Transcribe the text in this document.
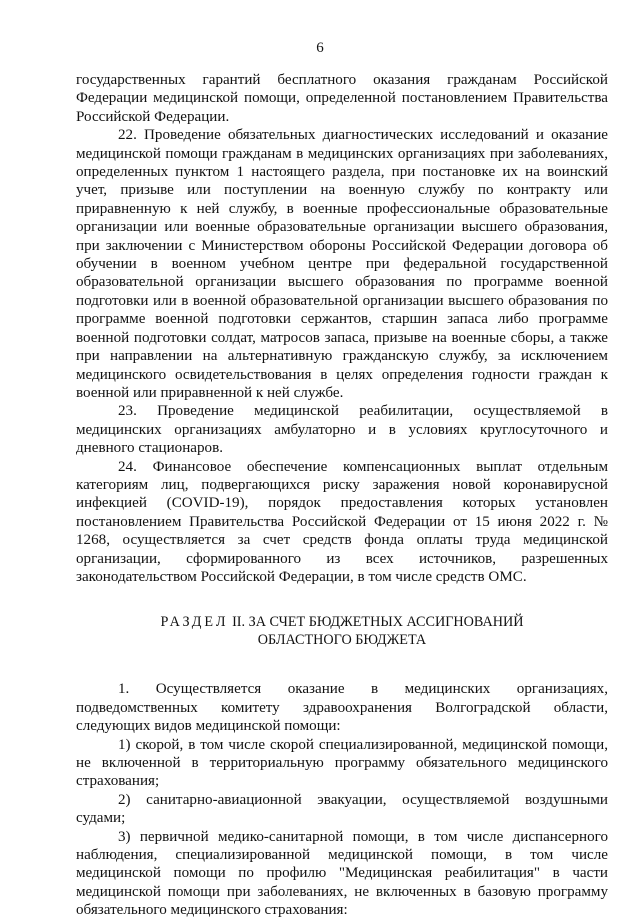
6

государственных гарантий бесплатного оказания гражданам Российской Федерации медицинской помощи, определенной постановлением Правительства Российской Федерации.

22. Проведение обязательных диагностических исследований и оказание медицинской помощи гражданам в медицинских организациях при заболеваниях, определенных пунктом 1 настоящего раздела, при постановке их на воинский учет, призыве или поступлении на военную службу по контракту или приравненную к ней службу, в военные профессиональные образовательные организации или военные образовательные организации высшего образования, при заключении с Министерством обороны Российской Федерации договора об обучении в военном учебном центре при федеральной государственной образовательной организации высшего образования по программе военной подготовки или в военной образовательной организации высшего образования по программе военной подготовки сержантов, старшин запаса либо программе военной подготовки солдат, матросов запаса, призыве на военные сборы, а также при направлении на альтернативную гражданскую службу, за исключением медицинского освидетельствования в целях определения годности граждан к военной или приравненной к ней службе.

23. Проведение медицинской реабилитации, осуществляемой в медицинских организациях амбулаторно и в условиях круглосуточного и дневного стационаров.

24. Финансовое обеспечение компенсационных выплат отдельным категориям лиц, подвергающихся риску заражения новой коронавирусной инфекцией (COVID-19), порядок предоставления которых установлен постановлением Правительства Российской Федерации от 15 июня 2022 г. № 1268, осуществляется за счет средств фонда оплаты труда медицинской организации, сформированного из всех источников, разрешенных законодательством Российской Федерации, в том числе средств ОМС.

РАЗДЕЛ II. ЗА СЧЕТ БЮДЖЕТНЫХ АССИГНОВАНИЙ
ОБЛАСТНОГО БЮДЖЕТА

1. Осуществляется оказание в медицинских организациях, подведомственных комитету здравоохранения Волгоградской области, следующих видов медицинской помощи:

1) скорой, в том числе скорой специализированной, медицинской помощи, не включенной в территориальную программу обязательного медицинского страхования;

2) санитарно-авиационной эвакуации, осуществляемой воздушными судами;

3) первичной медико-санитарной помощи, в том числе диспансерного наблюдения, специализированной медицинской помощи, в том числе медицинской помощи по профилю "Медицинская реабилитация" в части медицинской помощи при заболеваниях, не включенных в базовую программу обязательного медицинского страхования:
